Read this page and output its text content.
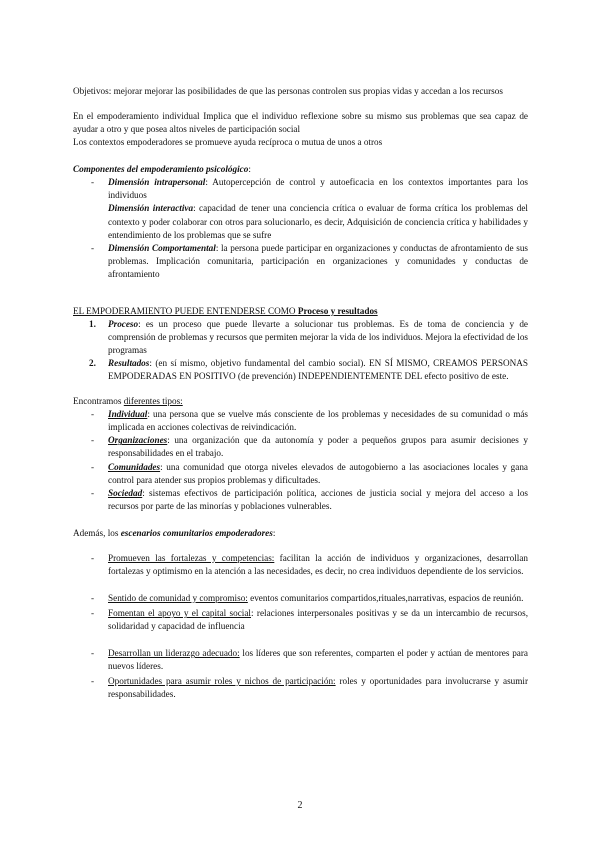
Objetivos: mejorar mejorar las posibilidades de que las personas controlen sus propias vidas y accedan a los recursos

En el empoderamiento individual Implica que el individuo reflexione sobre su mismo sus problemas que sea capaz de ayudar a otro y que posea altos niveles de participación social

Los contextos empoderadores se promueve ayuda recíproca o mutua de unos a otros

Componentes del empoderamiento psicológico:

- Dimensión intrapersonal: Autopercepción de control y autoeficacia en los contextos importantes para los individuos
Dimensión interactiva: capacidad de tener una conciencia crítica o evaluar de forma crítica los problemas del contexto y poder colaborar con otros para solucionarlo, es decir, Adquisición de conciencia crítica y habilidades y entendimiento de los problemas que se sufre
- Dimensión Comportamental: la persona puede participar en organizaciones y conductas de afrontamiento de sus problemas. Implicación comunitaria, participación en organizaciones y comunidades y conductas de afrontamiento

EL EMPODERAMIENTO PUEDE ENTENDERSE COMO Proceso y resultados

1. Proceso: es un proceso que puede llevarte a solucionar tus problemas. Es de toma de conciencia y de comprensión de problemas y recursos que permiten mejorar la vida de los individuos. Mejora la efectividad de los programas
2. Resultados: (en sí mismo, objetivo fundamental del cambio social). EN SÍ MISMO, CREAMOS PERSONAS EMPODERADAS EN POSITIVO (de prevención) INDEPENDIENTEMENTE DEL efecto positivo de este.

Encontramos diferentes tipos:

- Individual: una persona que se vuelve más consciente de los problemas y necesidades de su comunidad o más implicada en acciones colectivas de reivindicación.
- Organizaciones: una organización que da autonomía y poder a pequeños grupos para asumir decisiones y responsabilidades en el trabajo.
- Comunidades: una comunidad que otorga niveles elevados de autogobierno a las asociaciones locales y gana control para atender sus propios problemas y dificultades.
- Sociedad: sistemas efectivos de participación política, acciones de justicia social y mejora del acceso a los recursos por parte de las minorías y poblaciones vulnerables.

Además, los escenarios comunitarios empoderadores:

- Promueven las fortalezas y competencias: facilitan la acción de individuos y organizaciones, desarrollan fortalezas y optimismo en la atención a las necesidades, es decir, no crea individuos dependiente de los servicios.
- Sentido de comunidad y compromiso: eventos comunitarios compartidos,rituales,narrativas, espacios de reunión.
- Fomentan el apoyo y el capital social: relaciones interpersonales positivas y se da un intercambio de recursos, solidaridad y capacidad de influencia
- Desarrollan un liderazgo adecuado: los líderes que son referentes, comparten el poder y actúan de mentores para nuevos líderes.
- Oportunidades para asumir roles y nichos de participación: roles y oportunidades para involucrarse y asumir responsabilidades.
2
